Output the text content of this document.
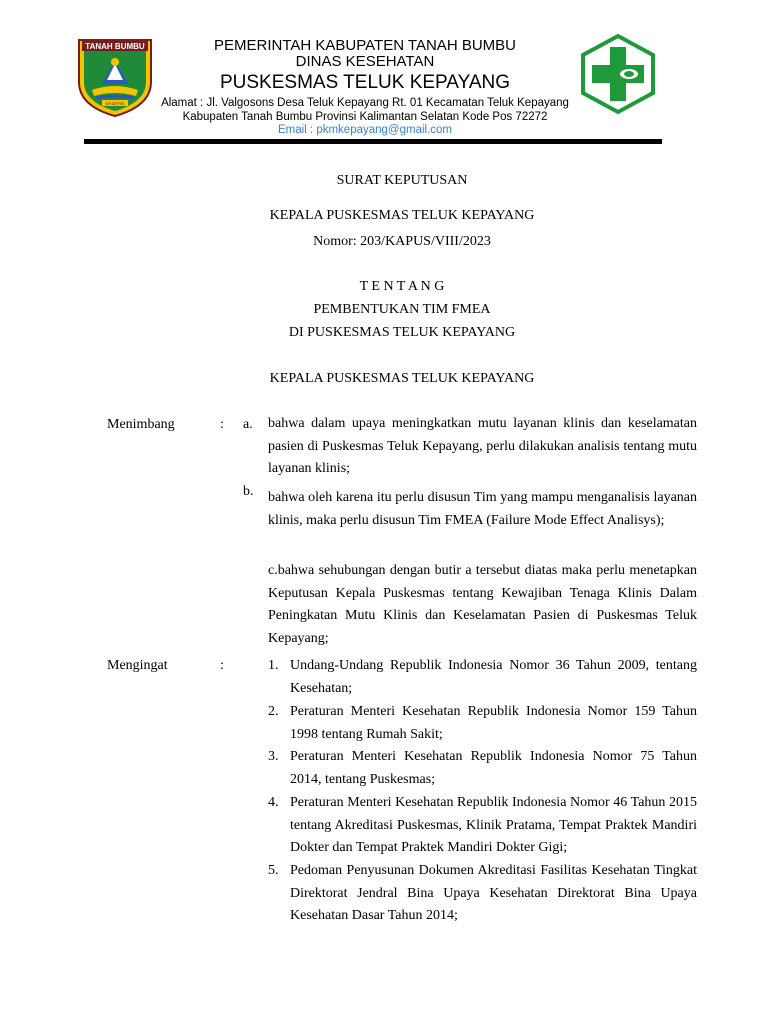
TANAH BUMBU
SAIJAAN
PEMERINTAH KABUPATEN TANAH BUMBU
DINAS KESEHATAN
PUSKESMAS TELUK KEPAYANG
Alamat : Jl. Valgosons Desa Teluk Kepayang Rt. 01 Kecamatan Teluk Kepayang
Kabupaten Tanah Bumbu Provinsi Kalimantan Selatan Kode Pos 72272
Email : pkmkepayang@gmail.com
SURAT KEPUTUSAN
KEPALA PUSKESMAS TELUK KEPAYANG
Nomor: 203/KAPUS/VIII/2023
T E N T A N G
PEMBENTUKAN TIM FMEA
DI PUSKESMAS TELUK KEPAYANG
KEPALA PUSKESMAS TELUK KEPAYANG
Menimbang	: a. bahwa dalam upaya meningkatkan mutu layanan klinis dan keselamatan pasien di Puskesmas Teluk Kepayang, perlu dilakukan analisis tentang mutu layanan klinis;
b. bahwa oleh karena itu perlu disusun Tim yang mampu menganalisis layanan klinis, maka perlu disusun Tim FMEA (Failure Mode Effect Analisys);
c.bahwa sehubungan dengan butir a tersebut diatas maka perlu menetapkan Keputusan Kepala Puskesmas tentang Kewajiban Tenaga Klinis Dalam Peningkatan Mutu Klinis dan Keselamatan Pasien di Puskesmas Teluk Kepayang;
Mengingat	:	1. Undang-Undang Republik Indonesia Nomor 36 Tahun 2009, tentang Kesehatan;
2. Peraturan Menteri Kesehatan Republik Indonesia Nomor 159 Tahun 1998 tentang Rumah Sakit;
3. Peraturan Menteri Kesehatan Republik Indonesia Nomor 75 Tahun 2014, tentang Puskesmas;
4. Peraturan Menteri Kesehatan Republik Indonesia Nomor 46 Tahun 2015 tentang Akreditasi Puskesmas, Klinik Pratama, Tempat Praktek Mandiri Dokter dan Tempat Praktek Mandiri Dokter Gigi;
5. Pedoman Penyusunan Dokumen Akreditasi Fasilitas Kesehatan Tingkat Direktorat Jendral Bina Upaya Kesehatan Direktorat Bina Upaya Kesehatan Dasar Tahun 2014;
